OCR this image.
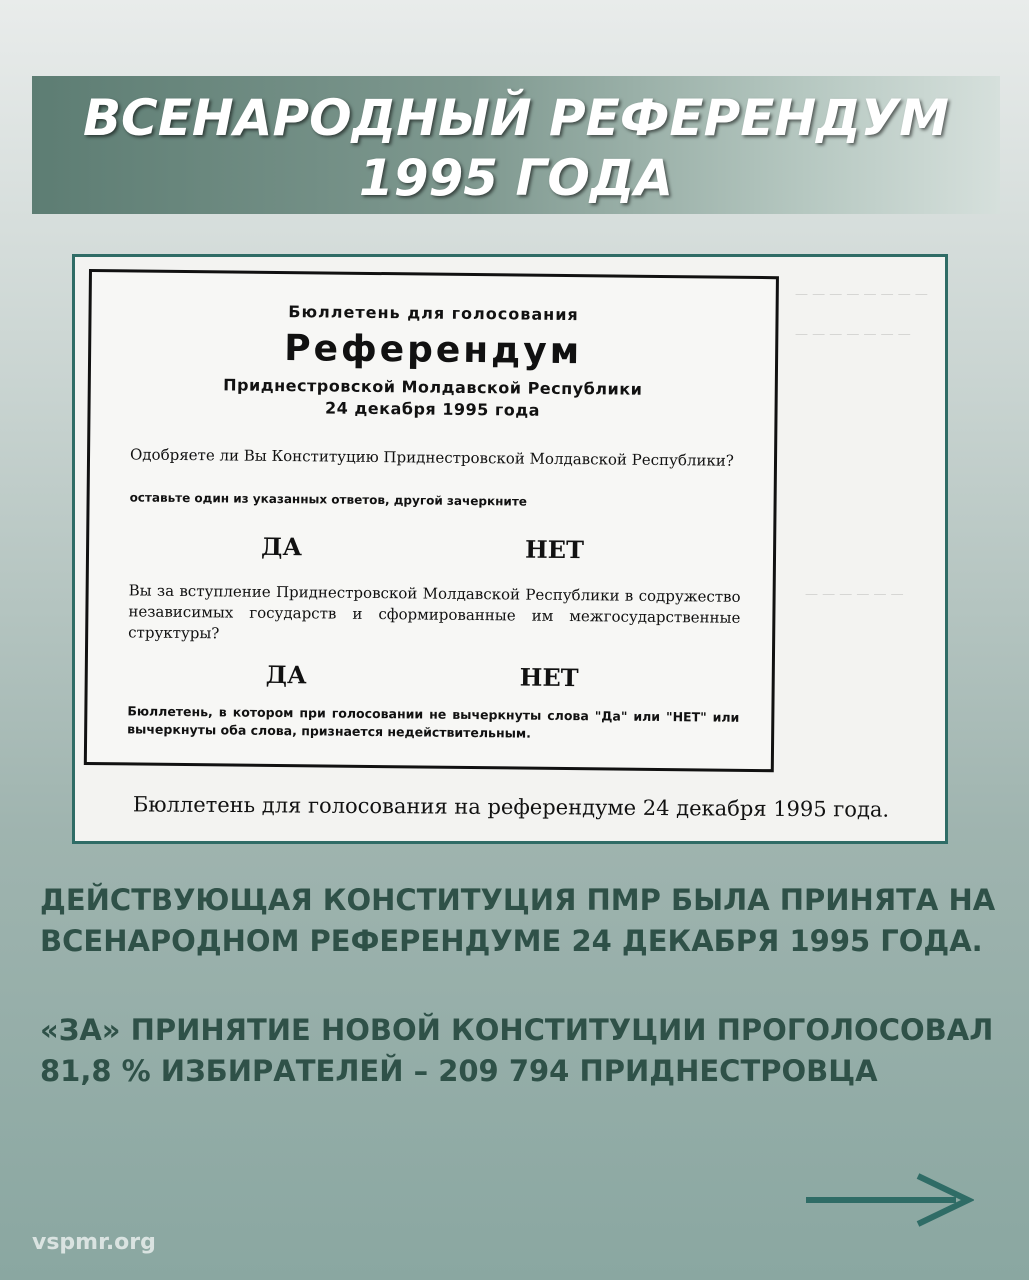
ВСЕНАРОДНЫЙ РЕФЕРЕНДУМ
1995 ГОДА
— — — — — — — —
— — — — — — —
— — — — — —
Бюллетень для голосования
Референдум
Приднестровской Молдавской Республики
24 декабря 1995 года
Одобряете ли Вы Конституцию Приднестровской Молдавской Республики?
оставьте один из указанных ответов, другой зачеркните
ДА	НЕТ
Вы за вступление Приднестровской Молдавской Республики в содружество независимых государств и сформированные им межгосударственные структуры?
ДА	НЕТ
Бюллетень, в котором при голосовании не вычеркнуты слова "Да" или "НЕТ" или вычеркнуты оба слова, признается недействительным.
Бюллетень для голосования на референдуме 24 декабря 1995 года.
ДЕЙСТВУЮЩАЯ КОНСТИТУЦИЯ ПМР БЫЛА ПРИНЯТА НА ВСЕНАРОДНОМ РЕФЕРЕНДУМЕ 24 ДЕКАБРЯ 1995 ГОДА.
«ЗА» ПРИНЯТИЕ НОВОЙ КОНСТИТУЦИИ ПРОГОЛОСОВАЛ 81,8 % ИЗБИРАТЕЛЕЙ – 209 794 ПРИДНЕСТРОВЦА
vspmr.org
